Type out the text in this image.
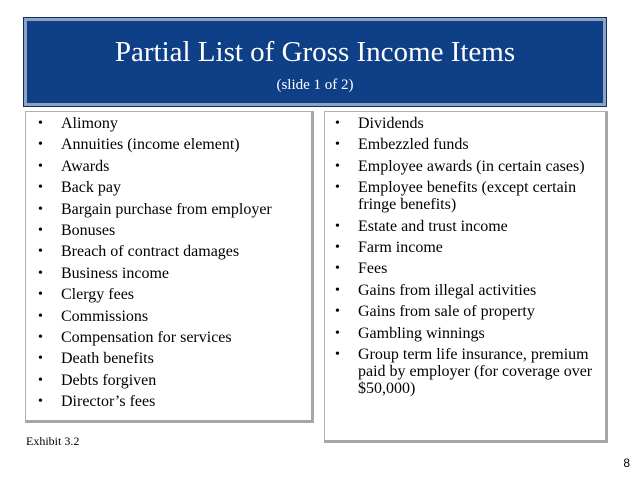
Partial List of Gross Income Items
(slide 1 of 2)
•	Alimony
•	Annuities (income element)
•	Awards
•	Back pay
•	Bargain purchase from employer
•	Bonuses
•	Breach of contract damages
•	Business income
•	Clergy fees
•	Commissions
•	Compensation for services
•	Death benefits
•	Debts forgiven
•	Director’s fees
•	Dividends
•	Embezzled funds
•	Employee awards (in certain cases)
•	Employee benefits (except certain fringe benefits)
•	Estate and trust income
•	Farm income
•	Fees
•	Gains from illegal activities
•	Gains from sale of property
•	Gambling winnings
•	Group term life insurance, premium paid by employer (for coverage over $50,000)
Exhibit 3.2
8
